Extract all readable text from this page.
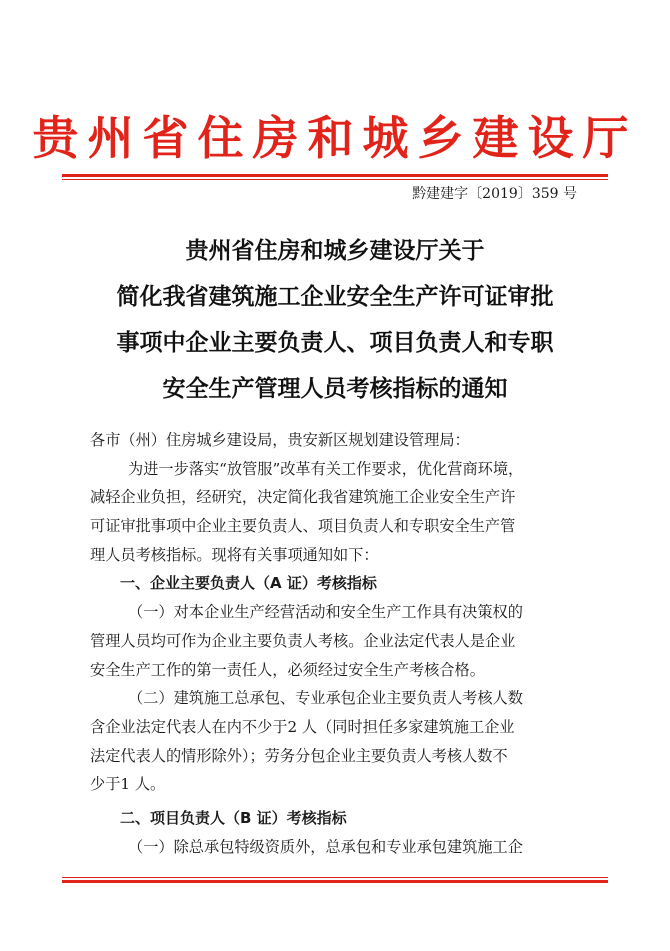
贵州省住房和城乡建设厅
黔建建字〔2019〕359 号
贵州省住房和城乡建设厅关于
简化我省建筑施工企业安全生产许可证审批
事项中企业主要负责人、项目负责人和专职
安全生产管理人员考核指标的通知
各市（州）住房城乡建设局，贵安新区规划建设管理局：
为进一步落实“放管服”改革有关工作要求，优化营商环境，
减轻企业负担，经研究，决定简化我省建筑施工企业安全生产许
可证审批事项中企业主要负责人、项目负责人和专职安全生产管
理人员考核指标。现将有关事项通知如下：
一、企业主要负责人（A 证）考核指标
（一）对本企业生产经营活动和安全生产工作具有决策权的
管理人员均可作为企业主要负责人考核。企业法定代表人是企业
安全生产工作的第一责任人，必须经过安全生产考核合格。
（二）建筑施工总承包、专业承包企业主要负责人考核人数
含企业法定代表人在内不少于2 人（同时担任多家建筑施工企业
法定代表人的情形除外）；劳务分包企业主要负责人考核人数不
少于1 人。
二、项目负责人（B 证）考核指标
（一）除总承包特级资质外，总承包和专业承包建筑施工企
